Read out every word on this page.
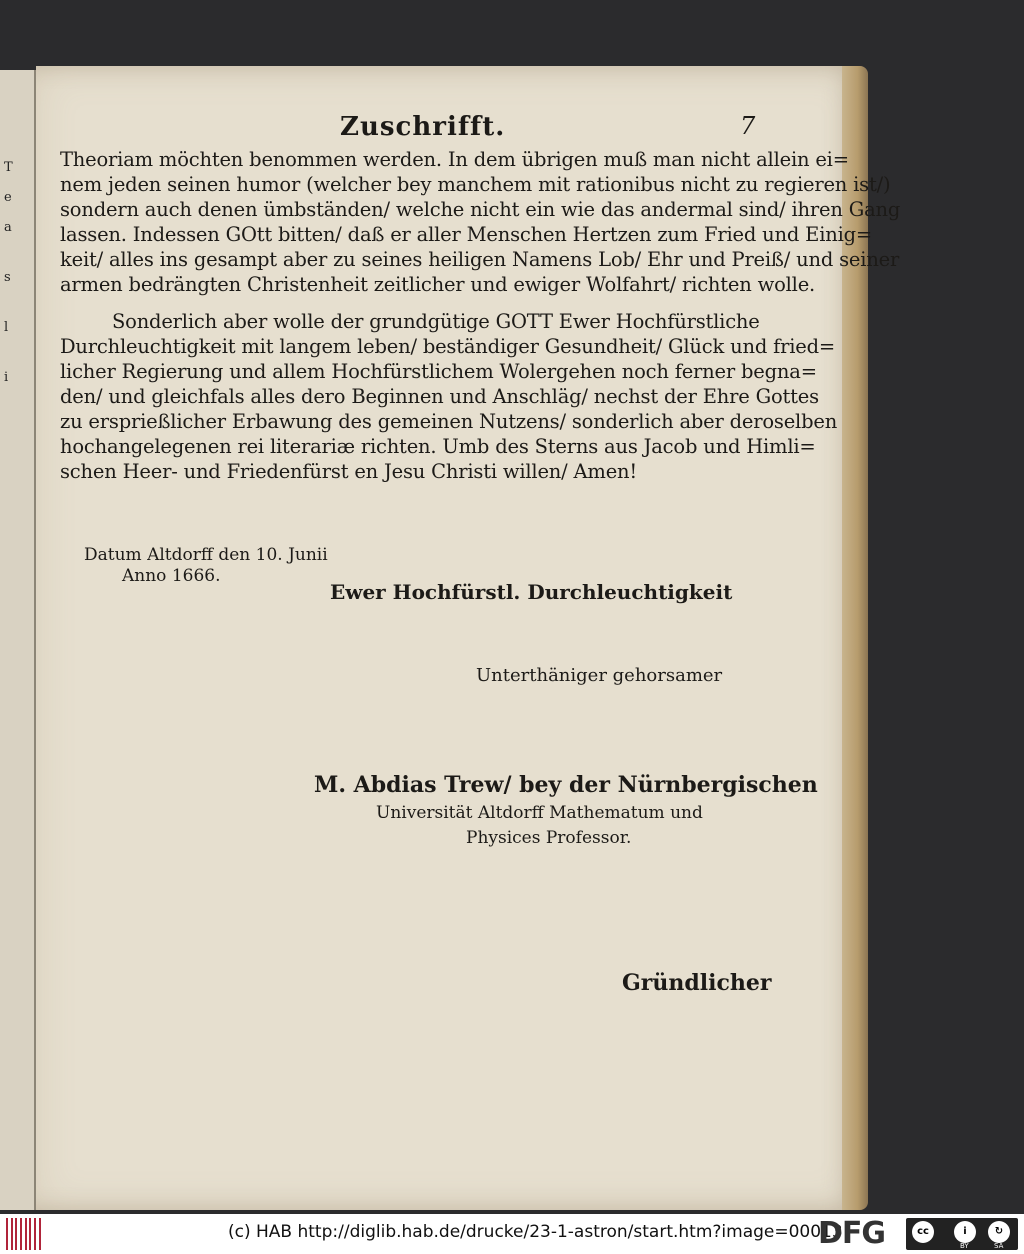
T
e
a
s
l
i
Zuschrifft.	7
Theoriam möchten benommen werden. In dem übrigen muß man nicht allein ei=
nem jeden seinen humor (welcher bey manchem mit rationibus nicht zu regieren ist/)
sondern auch denen ümbständen/ welche nicht ein wie das andermal sind/ ihren Gang
lassen. Indessen GOtt bitten/ daß er aller Menschen Hertzen zum Fried und Einig=
keit/ alles ins gesampt aber zu seines heiligen Namens Lob/ Ehr und Preiß/ und seiner
armen bedrängten Christenheit zeitlicher und ewiger Wolfahrt/ richten wolle.
Sonderlich aber wolle der grundgütige GOTT Ewer Hochfürstliche
Durchleuchtigkeit mit langem leben/ beständiger Gesundheit/ Glück und fried=
licher Regierung und allem Hochfürstlichem Wolergehen noch ferner begna=
den/ und gleichfals alles dero Beginnen und Anschläg/ nechst der Ehre Gottes
zu ersprießlicher Erbawung des gemeinen Nutzens/ sonderlich aber deroselben
hochangelegenen rei literariæ richten. Umb des Sterns aus Jacob und Himli=
schen Heer- und Friedenfürst en Jesu Christi willen/ Amen!
Datum Altdorff den 10. Junii
Anno 1666.
Ewer Hochfürstl. Durchleuchtigkeit
Unterthäniger gehorsamer
M. Abdias Trew/ bey der Nürnbergischen
Universität Altdorff Mathematum und
Physices Professor.
Gründlicher
(c) HAB http://diglib.hab.de/drucke/23-1-astron/start.htm?image=00013
DFG	cc	i	↻
BY	SA
